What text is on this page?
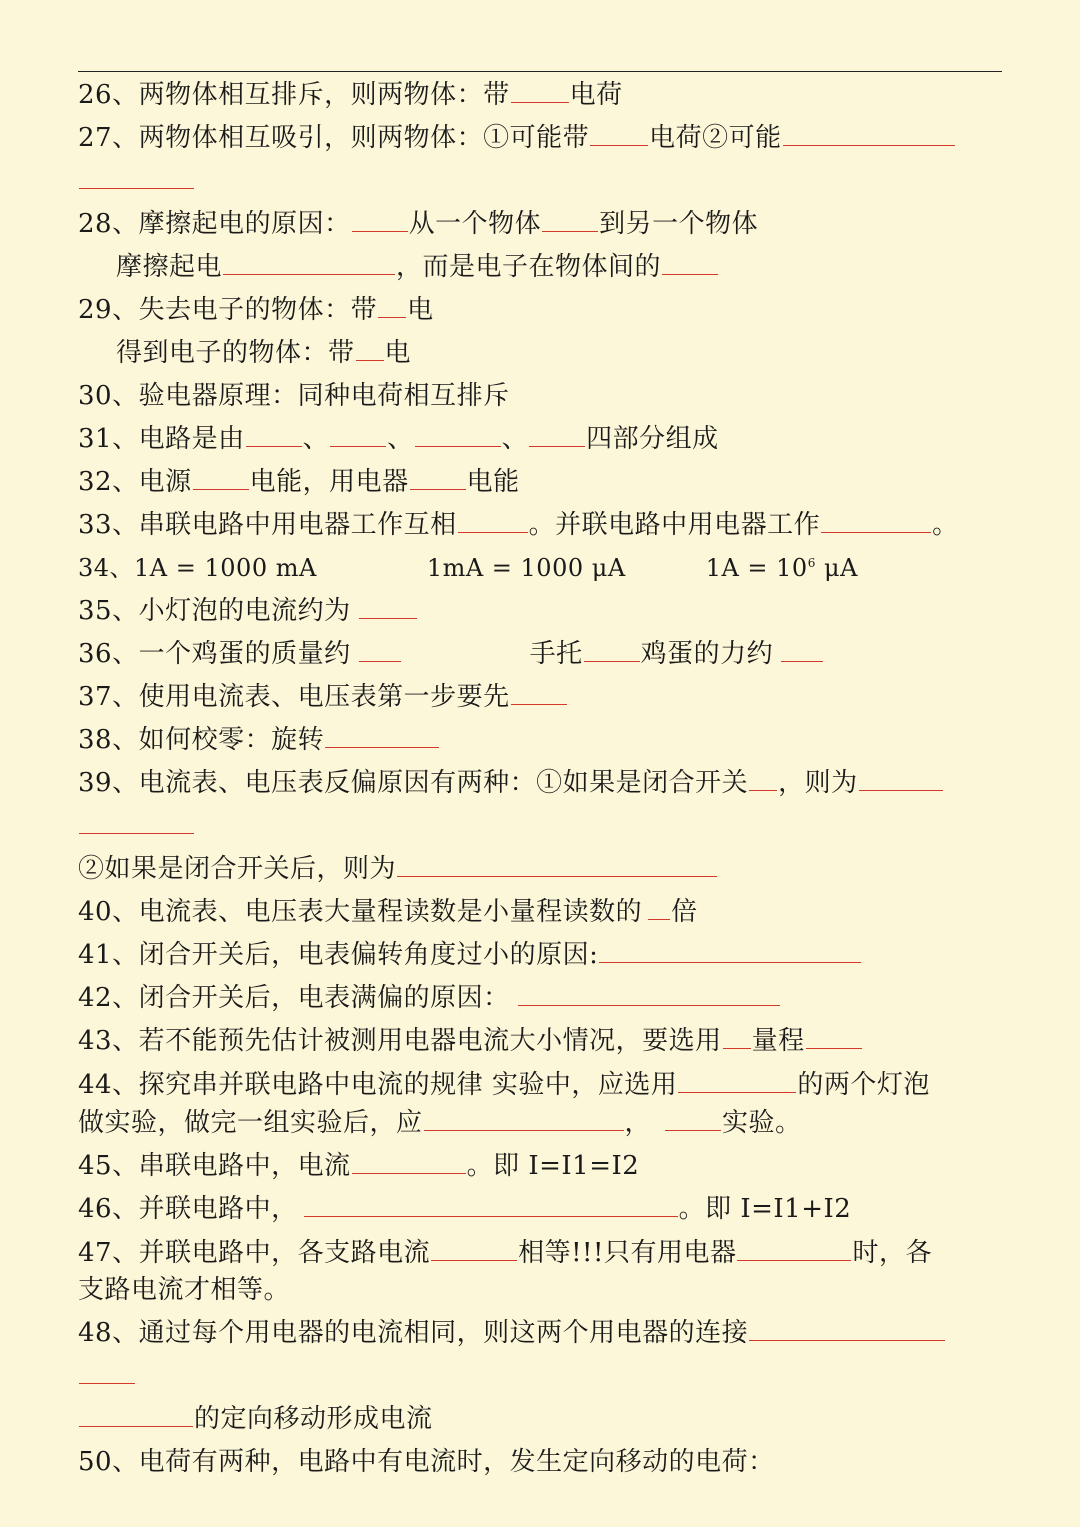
26、两物体相互排斥，则两物体：带 电荷
27、两物体相互吸引，则两物体：①可能带 电荷②可能
28、摩擦起电的原因： 从一个物体 到另一个物体
摩擦起电	，而是电子在物体间的
29、失去电子的物体：带 电
得到电子的物体：带 电
30、验电器原理：同种电荷相互排斥
31、电路是由 、 、	、 四部分组成
32、电源 电能，用电器 电能
33、串联电路中用电器工作互相	。并联电路中用电器工作	。
34、1A = 1000 mA	1mA = 1000 μA	$1A = 10^6$ μA
35、小灯泡的电流约为
36、一个鸡蛋的质量约	手托 鸡蛋的力约
37、使用电流表、电压表第一步要先
38、如何校零：旋转
39、电流表、电压表反偏原因有两种：①如果是闭合开关 ，则为
②如果是闭合开关后，则为
40、电流表、电压表大量程读数是小量程读数的 倍
41、闭合开关后，电表偏转角度过小的原因:
42、闭合开关后，电表满偏的原因：
43、若不能预先估计被测用电器电流大小情况，要选用 量程
44、探究串并联电路中电流的规律 实验中，应选用	的两个灯泡
做实验，做完一组实验后，应	，	实验。
45、串联电路中，电流	。即 I=I1=I2
46、并联电路中，	。即 I=I1+I2
47、并联电路中，各支路电流	相等!!!只有用电器	时，各
支路电流才相等。
48、通过每个用电器的电流相同，则这两个用电器的连接
的定向移动形成电流
50、电荷有两种，电路中有电流时，发生定向移动的电荷：
